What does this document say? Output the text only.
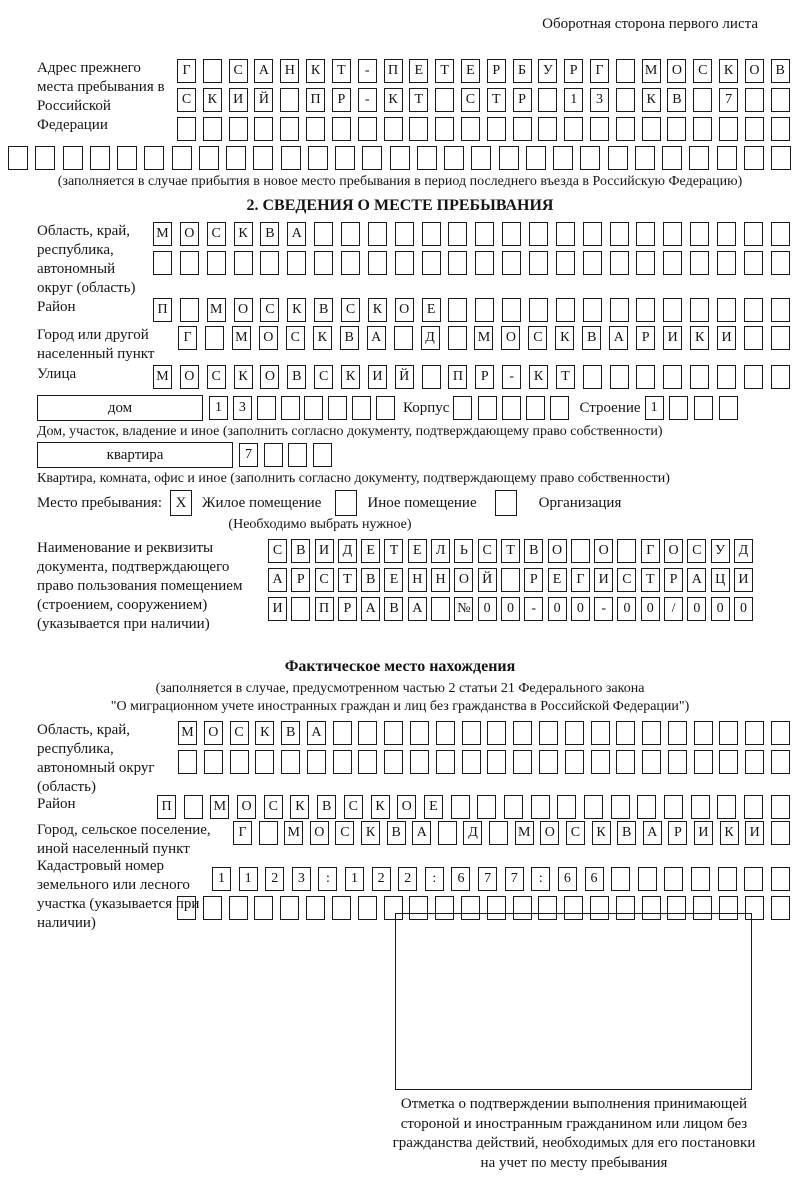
Оборотная сторона первого листа
Адрес прежнего места пребывания в Российской Федерации
Г	С	А	Н	К	Т	-	П	Е	Т	Е	Р	Б	У	Р	Г	М	О	С	К	О	В
С	К	И	Й	П	Р	-	К	Т	С	Т	Р	1	3	К	В	7
(заполняется в случае прибытия в новое место пребывания в период последнего въезда в Российскую Федерацию)
2. СВЕДЕНИЯ О МЕСТЕ ПРЕБЫВАНИЯ
Область, край, республика, автономный округ (область)
М	О	С	К	В	А
Район	П	М	О	С	К	В	С	К	О	Е
Город или другой населенный пункт
Г	М	О	С	К	В	А	Д	М	О	С	К	В	А	Р	И	К	И
Улица	М	О	С	К	О	В	С	К	И	Й	П	Р	-	К	Т
дом	1	3	Корпус	Строение 1
Дом, участок, владение и иное (заполнить согласно документу, подтверждающему право собственности)
квартира	7
Квартира, комната, офис и иное (заполнить согласно документу, подтверждающему право собственности)
Место пребывания: X	Жилое помещение	Иное помещение	Организация
(Необходимо выбрать нужное)
Наименование и реквизиты документа, подтверждающего право пользования помещением (строением, сооружением) (указывается при наличии)
С В И Д	Е	Т	Е	Л	Ь	С	Т	В О	О	Г	О С У Д
А	Р	С	Т	В	Е Н Н О Й	Р	Е	Г	И С	Т	Р	А Ц И
И	П	Р	А В А	№ 0	0	-	0	0	-	0	0	/	0	0	0
Фактическое место нахождения
(заполняется в случае, предусмотренном частью 2 статьи 21 Федерального закона
"О миграционном учете иностранных граждан и лиц без гражданства в Российской Федерации")
Область, край, республика, автономный округ (область)
М	О	С	К	В	А
Район	П	М	О	С	К	В	С	К	О	Е
Город, сельское поселение, иной населенный пункт
Г	М	О	С	К	В	А	Д	М	О	С	К	В	А	Р	И	К	И
Кадастровый номер земельного или лесного участка (указывается при наличии)
1	1	2	3	:	1	2	2	:	6	7	7	:	6	6
Отметка о подтверждении выполнения принимающей стороной и иностранным гражданином или лицом без гражданства действий, необходимых для его постановки на учет по месту пребывания
